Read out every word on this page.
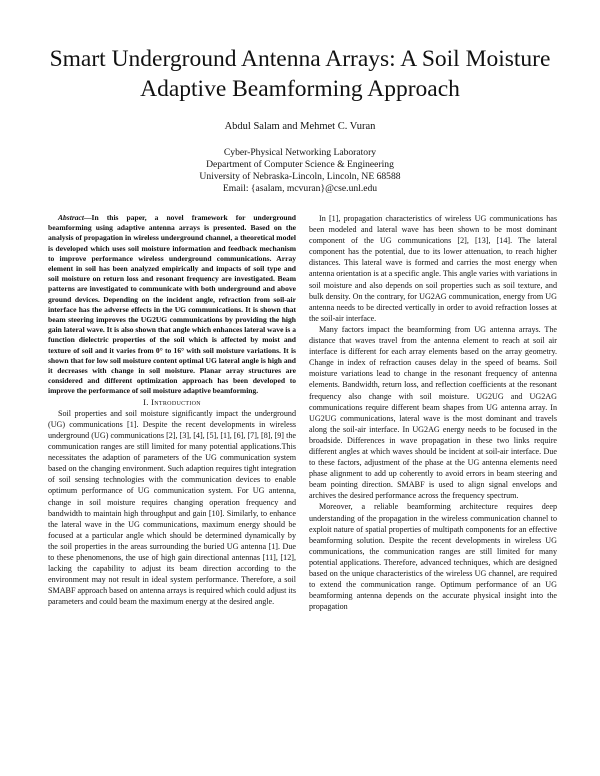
Smart Underground Antenna Arrays: A Soil Moisture Adaptive Beamforming Approach
Abdul Salam and Mehmet C. Vuran
Cyber-Physical Networking Laboratory
Department of Computer Science & Engineering
University of Nebraska-Lincoln, Lincoln, NE 68588
Email: {asalam, mcvuran}@cse.unl.edu

Abstract—In this paper, a novel framework for underground beamforming using adaptive antenna arrays is presented. Based on the analysis of propagation in wireless underground channel, a theoretical model is developed which uses soil moisture information and feedback mechanism to improve performance wireless underground communications. Array element in soil has been analyzed empirically and impacts of soil type and soil moisture on return loss and resonant frequency are investigated. Beam patterns are investigated to communicate with both underground and above ground devices. Depending on the incident angle, refraction from soil-air interface has the adverse effects in the UG communications. It is shown that beam steering improves the UG2UG communications by providing the high gain lateral wave. It is also shown that angle which enhances lateral wave is a function dielectric properties of the soil which is affected by moist and texture of soil and it varies from 0° to 16° with soil moisture variations. It is shown that for low soil moisture content optimal UG lateral angle is high and it decreases with change in soil moisture. Planar array structures are considered and different optimization approach has been developed to improve the performance of soil moisture adaptive beamforming.

I. Introduction

Soil properties and soil moisture significantly impact the underground (UG) communications [1]. Despite the recent developments in wireless underground (UG) communications [2], [3], [4], [5], [1], [6], [7], [8], [9] the communication ranges are still limited for many potential applications.This necessitates the adaption of parameters of the UG communication system based on the changing environment. Such adaption requires tight integration of soil sensing technologies with the communication devices to enable optimum performance of UG communication system. For UG antenna, change in soil moisture requires changing operation frequency and bandwidth to maintain high throughput and gain [10]. Similarly, to enhance the lateral wave in the UG communications, maximum energy should be focused at a particular angle which should be determined dynamically by the soil properties in the areas surrounding the buried UG antenna [1]. Due to these phenomenons, the use of high gain directional antennas [11], [12], lacking the capability to adjust its beam direction according to the environment may not result in ideal system performance. Therefore, a soil SMABF approach based on antenna arrays is required which could adjust its parameters and could beam the maximum energy at the desired angle.

In [1], propagation characteristics of wireless UG communications has been modeled and lateral wave has been shown to be most dominant component of the UG communications [2], [13], [14]. The lateral component has the potential, due to its lower attenuation, to reach higher distances. This lateral wave is formed and carries the most energy when antenna orientation is at a specific angle. This angle varies with variations in soil moisture and also depends on soil properties such as soil texture, and bulk density. On the contrary, for UG2AG communication, energy from UG antenna needs to be directed vertically in order to avoid refraction losses at the soil-air interface.

Many factors impact the beamforming from UG antenna arrays. The distance that waves travel from the antenna element to reach at soil air interface is different for each array elements based on the array geometry. Change in index of refraction causes delay in the speed of beams. Soil moisture variations lead to change in the resonant frequency of antenna elements. Bandwidth, return loss, and reflection coefficients at the resonant frequency also change with soil moisture. UG2UG and UG2AG communications require different beam shapes from UG antenna array. In UG2UG communications, lateral wave is the most dominant and travels along the soil-air interface. In UG2AG energy needs to be focused in the broadside. Differences in wave propagation in these two links require different angles at which waves should be incident at soil-air interface. Due to these factors, adjustment of the phase at the UG antenna elements need phase alignment to add up coherently to avoid errors in beam steering and beam pointing direction. SMABF is used to align signal envelops and archives the desired performance across the frequency spectrum.

Moreover, a reliable beamforming architecture requires deep understanding of the propagation in the wireless communication channel to exploit nature of spatial properties of multipath components for an effective beamforming solution. Despite the recent developments in wireless UG communications, the communication ranges are still limited for many potential applications. Therefore, advanced techniques, which are designed based on the unique characteristics of the wireless UG channel, are required to extend the communication range. Optimum performance of an UG beamforming antenna depends on the accurate physical insight into the propagation
